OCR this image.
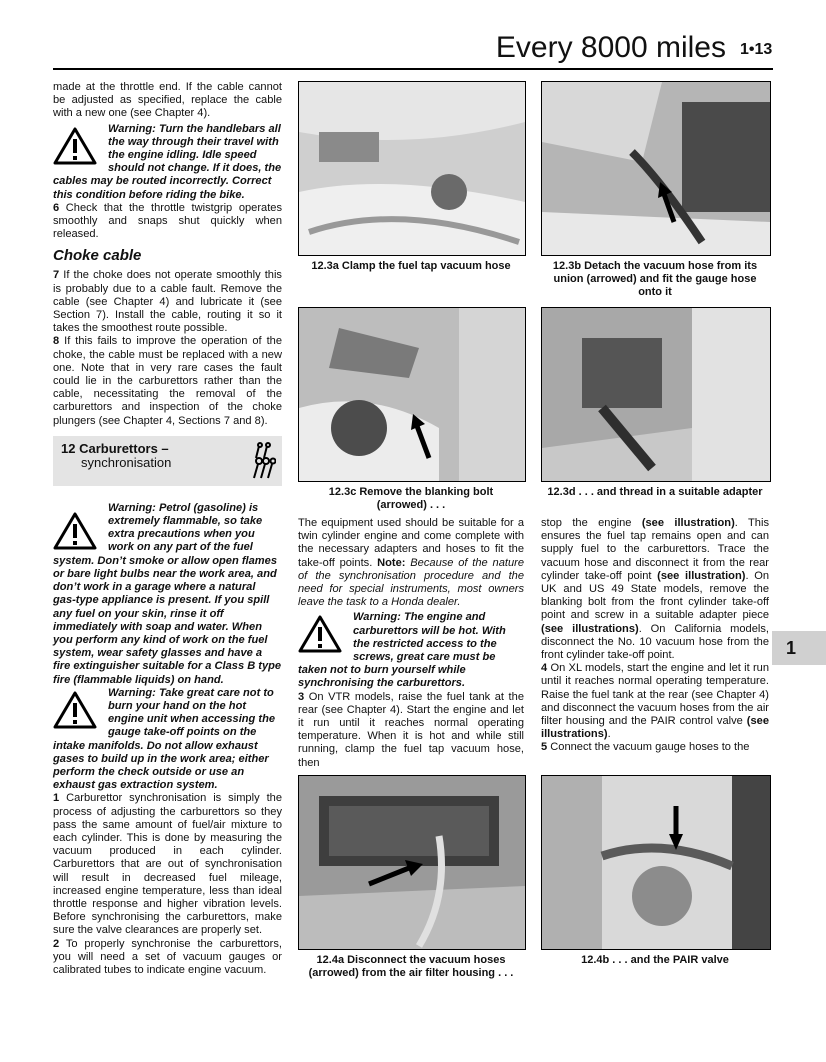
Every 8000 miles 1•13

made at the throttle end. If the cable cannot be adjusted as specified, replace the cable with a new one (see Chapter 4).

Warning: Turn the handlebars all
the way through their travel with
the engine idling. Idle speed
should not change. If it does, the
cables may be routed incorrectly. Correct
this condition before riding the bike.

6 Check that the throttle twistgrip operates smoothly and snaps shut quickly when released.

Choke cable

7 If the choke does not operate smoothly this is probably due to a cable fault. Remove the cable (see Chapter 4) and lubricate it (see Section 7). Install the cable, routing it so it takes the smoothest route possible.

8 If this fails to improve the operation of the choke, the cable must be replaced with a new one. Note that in very rare cases the fault could lie in the carburettors rather than the cable, necessitating the removal of the carburettors and inspection of the choke plungers (see Chapter 4, Sections 7 and 8).

12 Carburettors –
synchronisation
Warning: Petrol (gasoline) is
extremely flammable, so take
extra precautions when you
work on any part of the fuel
system. Don’t smoke or allow open flames
or bare light bulbs near the work area, and
don’t work in a garage where a natural
gas-type appliance is present. If you spill
any fuel on your skin, rinse it off
immediately with soap and water. When
you perform any kind of work on the fuel
system, wear safety glasses and have a
fire extinguisher suitable for a Class B type
fire (flammable liquids) on hand.
Warning: Take great care not to
burn your hand on the hot
engine unit when accessing the
gauge take-off points on the
intake manifolds. Do not allow exhaust
gases to build up in the work area; either
perform the check outside or use an
exhaust gas extraction system.

1 Carburettor synchronisation is simply the process of adjusting the carburettors so they pass the same amount of fuel/air mixture to each cylinder. This is done by measuring the vacuum produced in each cylinder. Carburettors that are out of synchronisation will result in decreased fuel mileage, increased engine temperature, less than ideal throttle response and higher vibration levels. Before synchronising the carburettors, make sure the valve clearances are properly set.

2 To properly synchronise the carburettors, you will need a set of vacuum gauges or calibrated tubes to indicate engine vacuum.

12.3a Clamp the fuel tap vacuum hose	12.3b Detach the vacuum hose from its union (arrowed) and fit the gauge hose onto it
12.3c Remove the blanking bolt (arrowed) . . .
12.3d . . . and thread in a suitable adapter

The equipment used should be suitable for a twin cylinder engine and come complete with the necessary adapters and hoses to fit the take-off points. Note: Because of the nature of the synchronisation procedure and the need for special instruments, most owners leave the task to a Honda dealer.

Warning: The engine and
carburettors will be hot. With
the restricted access to the
screws, great care must be
taken not to burn yourself while
synchronising the carburettors.

3 On VTR models, raise the fuel tank at the rear (see Chapter 4). Start the engine and let it run until it reaches normal operating temperature. When it is hot and while still running, clamp the fuel tap vacuum hose, then

stop the engine (see illustration). This ensures the fuel tap remains open and can supply fuel to the carburettors. Trace the vacuum hose and disconnect it from the rear cylinder take-off point (see illustration). On UK and US 49 State models, remove the blanking bolt from the front cylinder take-off point and screw in a suitable adapter piece (see illustrations). On California models, disconnect the No. 10 vacuum hose from the front cylinder take-off point.

4 On XL models, start the engine and let it run until it reaches normal operating temperature. Raise the fuel tank at the rear (see Chapter 4) and disconnect the vacuum hoses from the air filter housing and the PAIR control valve (see illustrations).

5 Connect the vacuum gauge hoses to the

1
12.4a Disconnect the vacuum hoses (arrowed) from the air filter housing . . .
12.4b . . . and the PAIR valve
